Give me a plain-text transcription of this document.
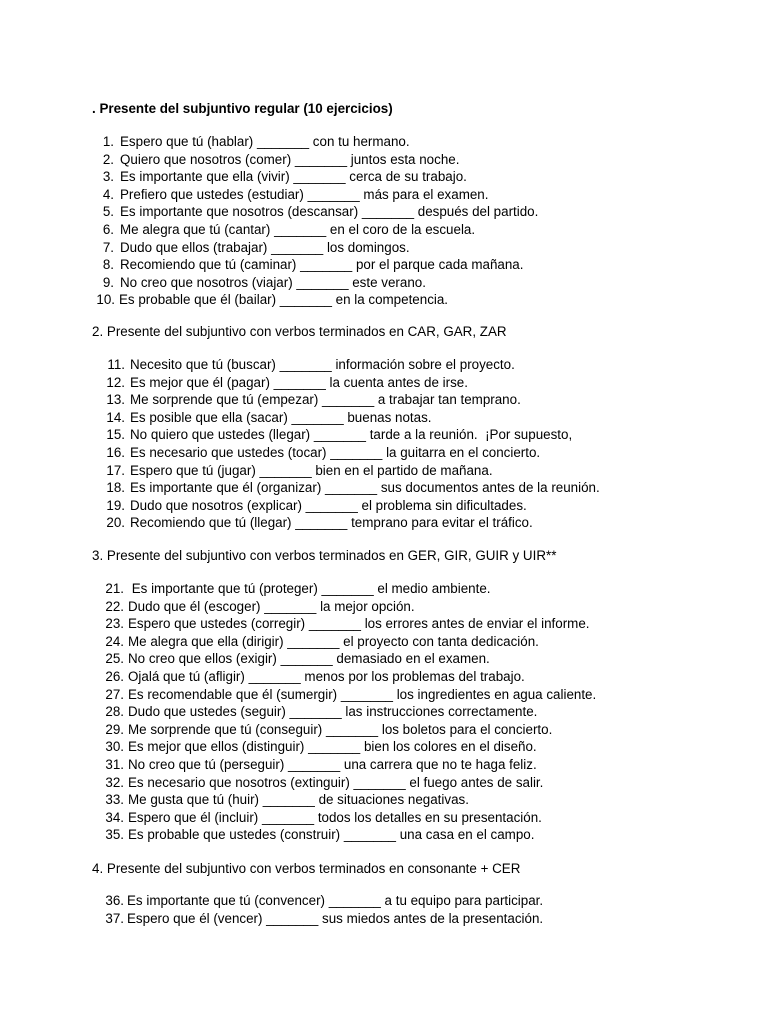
. Presente del subjuntivo regular (10 ejercicios)
1. Espero que tú (hablar) _______ con tu hermano.
2. Quiero que nosotros (comer) _______ juntos esta noche.
3. Es importante que ella (vivir) _______ cerca de su trabajo.
4. Prefiero que ustedes (estudiar) _______ más para el examen.
5. Es importante que nosotros (descansar) _______ después del partido.
6. Me alegra que tú (cantar) _______ en el coro de la escuela.
7. Dudo que ellos (trabajar) _______ los domingos.
8. Recomiendo que tú (caminar) _______ por el parque cada mañana.
9. No creo que nosotros (viajar) _______ este verano.
10. Es probable que él (bailar) _______ en la competencia.
2. Presente del subjuntivo con verbos terminados en CAR, GAR, ZAR
11. Necesito que tú (buscar) _______ información sobre el proyecto.
12. Es mejor que él (pagar) _______ la cuenta antes de irse.
13. Me sorprende que tú (empezar) _______ a trabajar tan temprano.
14. Es posible que ella (sacar) _______ buenas notas.
15. No quiero que ustedes (llegar) _______ tarde a la reunión.  ¡Por supuesto,
16. Es necesario que ustedes (tocar) _______ la guitarra en el concierto.
17. Espero que tú (jugar) _______ bien en el partido de mañana.
18. Es importante que él (organizar) _______ sus documentos antes de la reunión.
19. Dudo que nosotros (explicar) _______ el problema sin dificultades.
20. Recomiendo que tú (llegar) _______ temprano para evitar el tráfico.
3. Presente del subjuntivo con verbos terminados en GER, GIR, GUIR y UIR**
21. Es importante que tú (proteger) _______ el medio ambiente.
22. Dudo que él (escoger) _______ la mejor opción.
23. Espero que ustedes (corregir) _______ los errores antes de enviar el informe.
24. Me alegra que ella (dirigir) _______ el proyecto con tanta dedicación.
25. No creo que ellos (exigir) _______ demasiado en el examen.
26. Ojalá que tú (afligir) _______ menos por los problemas del trabajo.
27. Es recomendable que él (sumergir) _______ los ingredientes en agua caliente.
28. Dudo que ustedes (seguir) _______ las instrucciones correctamente.
29. Me sorprende que tú (conseguir) _______ los boletos para el concierto.
30. Es mejor que ellos (distinguir) _______ bien los colores en el diseño.
31. No creo que tú (perseguir) _______ una carrera que no te haga feliz.
32. Es necesario que nosotros (extinguir) _______ el fuego antes de salir.
33. Me gusta que tú (huir) _______ de situaciones negativas.
34. Espero que él (incluir) _______ todos los detalles en su presentación.
35. Es probable que ustedes (construir) _______ una casa en el campo.
4. Presente del subjuntivo con verbos terminados en consonante + CER
36. Es importante que tú (convencer) _______ a tu equipo para participar.
37. Espero que él (vencer) _______ sus miedos antes de la presentación.
